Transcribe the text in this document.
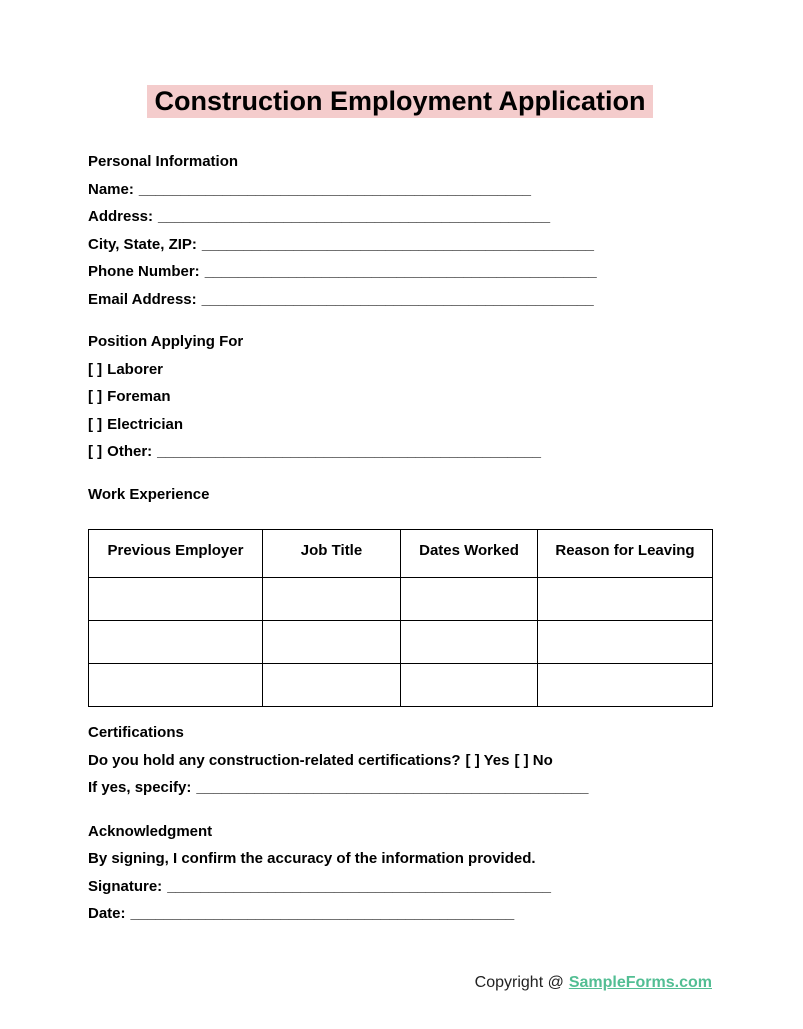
Construction Employment Application
Personal Information
Name: _______________________________________________
Address: _______________________________________________
City, State, ZIP: _______________________________________________
Phone Number: _______________________________________________
Email Address: _______________________________________________
Position Applying For
[ ] Laborer
[ ] Foreman
[ ] Electrician
[ ] Other: ______________________________________________
Work Experience
Previous Employer	Job Title	Dates Worked	Reason for Leaving

Certifications
Do you hold any construction-related certifications? [ ] Yes [ ] No
If yes, specify: _______________________________________________
Acknowledgment
By signing, I confirm the accuracy of the information provided.
Signature: ______________________________________________
Date: ______________________________________________
Copyright @ SampleForms.com
